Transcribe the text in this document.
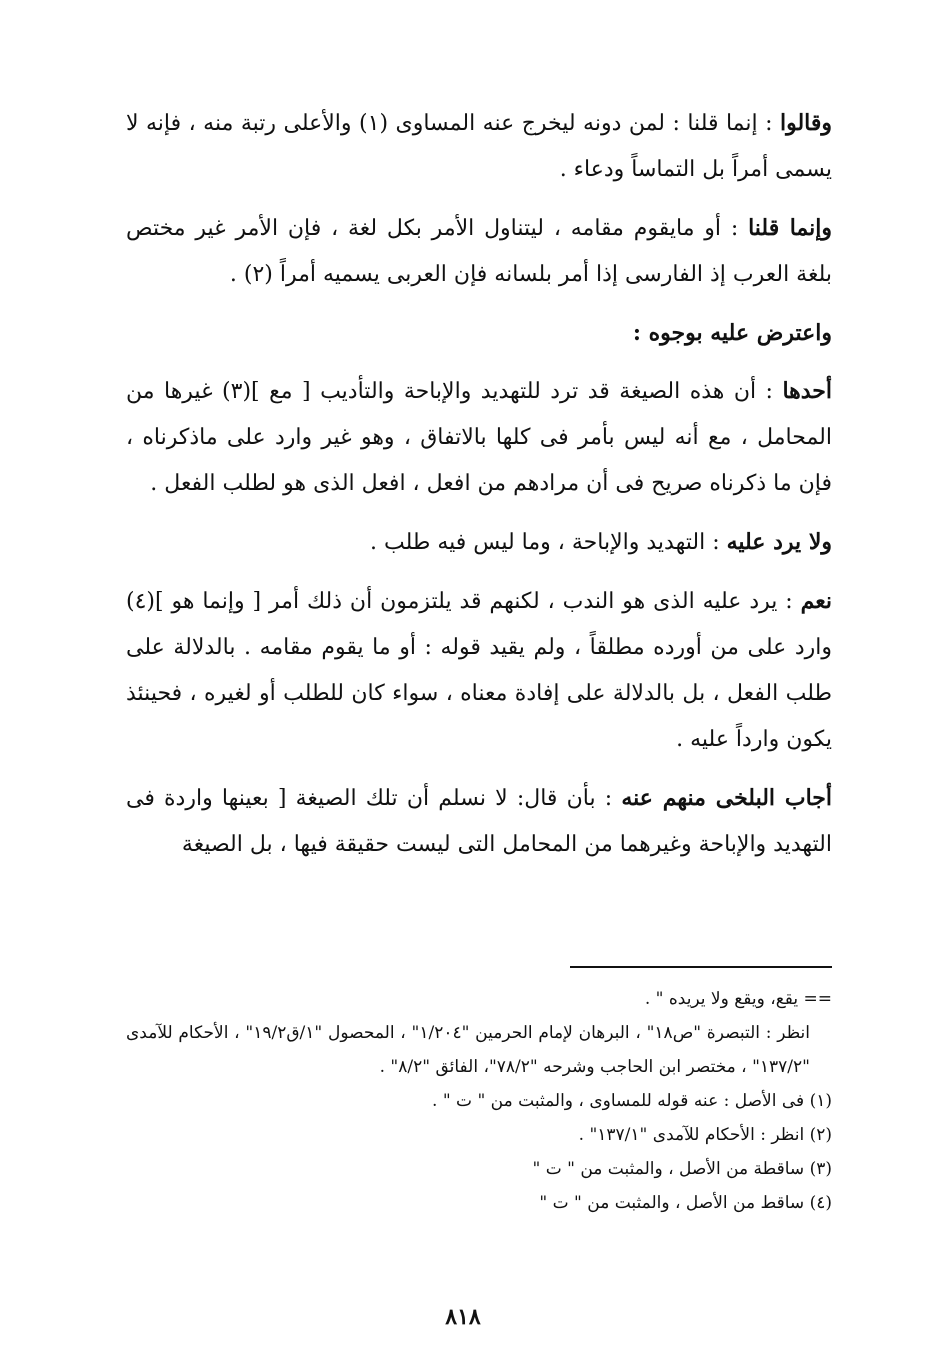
وقالوا : إنما قلنا : لمن دونه ليخرج عنه المساوى (١) والأعلى رتبة منه ، فإنه لا يسمى أمراً بل التماساً ودعاء .

وإنما قلنا : أو مايقوم مقامه ، ليتناول الأمر بكل لغة ، فإن الأمر غير مختص بلغة العرب إذ الفارسى إذا أمر بلسانه فإن العربى يسميه أمراً (٢) .

واعترض عليه بوجوه :

أحدها : أن هذه الصيغة قد ترد للتهديد والإباحة والتأديب [ مع ](٣) غيرها من المحامل ، مع أنه ليس بأمر فى كلها بالاتفاق ، وهو غير وارد على ماذكرناه ، فإن ما ذكرناه صريح فى أن مرادهم من افعل ، افعل الذى هو لطلب الفعل .

ولا يرد عليه : التهديد والإباحة ، وما ليس فيه طلب .

نعم : يرد عليه الذى هو الندب ، لكنهم قد يلتزمون أن ذلك أمر [ وإنما هو ](٤) وارد على من أورده مطلقاً ، ولم يقيد قوله : أو ما يقوم مقامه . بالدلالة على طلب الفعل ، بل بالدلالة على إفادة معناه ، سواء كان للطلب أو لغيره ، فحينئذ يكون وارداً عليه .

أجاب البلخى منهم عنه : بأن قال: لا نسلم أن تلك الصيغة [ بعينها واردة فى التهديد والإباحة وغيرهما من المحامل التى ليست حقيقة فيها ، بل الصيغة

== يقع، ويقع ولا يريده " .

انظر : التبصرة "ص١٨" ، البرهان لإمام الحرمين "١/٢٠٤" ، المحصول "١/ق١٩/٢" ، الأحكام للآمدى "١٣٧/٢" ، مختصر ابن الحاجب وشرحه "٧٨/٢"، الفائق "٨/٢" .

(١) فى الأصل : عنه قوله للمساوى ، والمثبت من " ت " .

(٢) انظر : الأحكام للآمدى "١٣٧/١" .

(٣) ساقطة من الأصل ، والمثبت من " ت "

(٤) ساقط من الأصل ، والمثبت من " ت "

٨١٨
